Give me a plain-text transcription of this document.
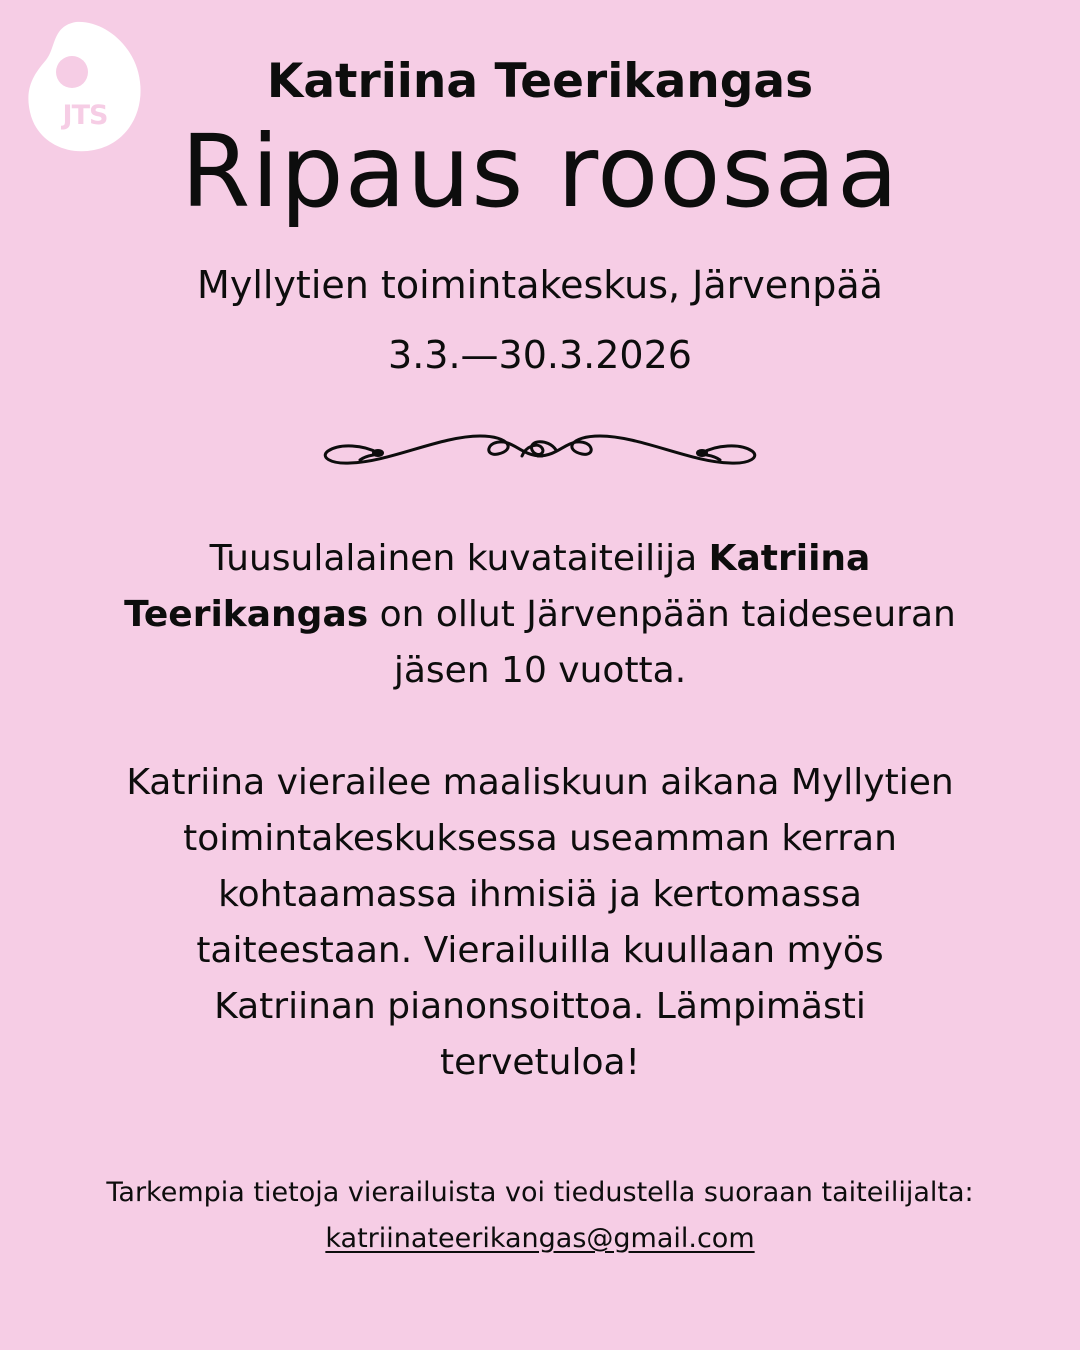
JTS
Katriina Teerikangas
Ripaus roosaa
Myllytien toimintakeskus, Järvenpää
3.3.—30.3.2026
Tuusulalainen kuvataiteilija Katriina Teerikangas on ollut Järvenpään taideseuran jäsen 10 vuotta.
Katriina vierailee maaliskuun aikana Myllytien toimintakeskuksessa useamman kerran kohtaamassa ihmisiä ja kertomassa taiteestaan. Vierailuilla kuullaan myös Katriinan pianonsoittoa. Lämpimästi tervetuloa!
Tarkempia tietoja vierailuista voi tiedustella suoraan taiteilijalta: katriinateerikangas@gmail.com
